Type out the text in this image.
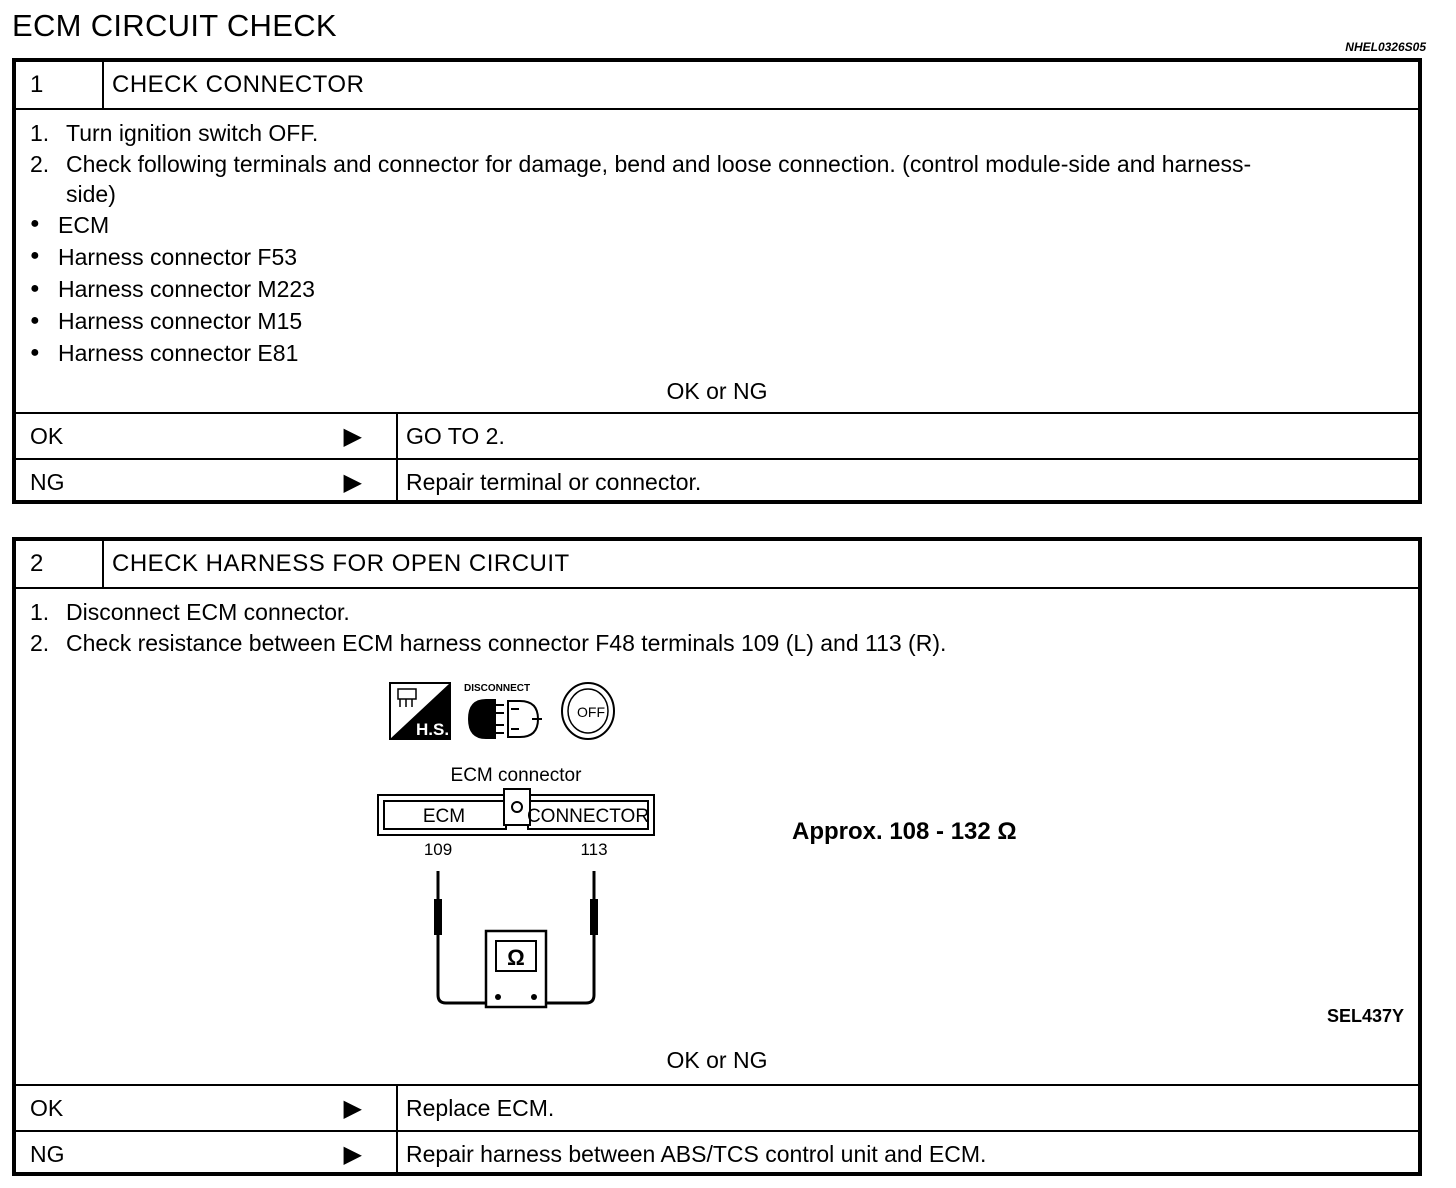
ECM CIRCUIT CHECK
NHEL0326S05
1	CHECK CONNECTOR
1. Turn ignition switch OFF.
2. Check following terminals and connector for damage, bend and loose connection. (control module-side and harness-
side)
● ECM
● Harness connector F53
● Harness connector M223
● Harness connector M15
● Harness connector E81
OK or NG
OK	▶	GO TO 2.
NG	▶	Repair terminal or connector.
2	CHECK HARNESS FOR OPEN CIRCUIT
1. Disconnect ECM connector.
2. Check resistance between ECM harness connector F48 terminals 109 (L) and 113 (R).
H.S.
DISCONNECT
OFF
ECM connector
ECM	CONNECTOR
109	113
Ω
Approx. 108 - 132 Ω
SEL437Y
OK or NG
OK	▶	Replace ECM.
NG	▶	Repair harness between ABS/TCS control unit and ECM.
